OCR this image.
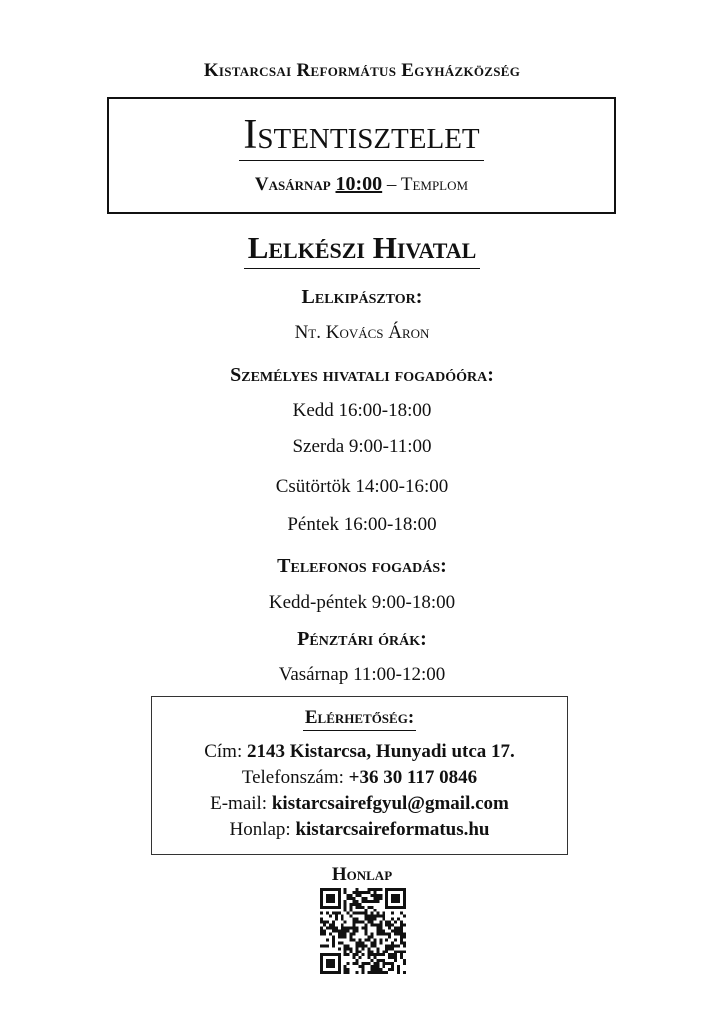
Kistarcsai Református Egyházközség
Istentisztelet
Vasárnap 10:00 – Templom
Lelkészi Hivatal
Lelkipásztor:
Nt. Kovács Áron
Személyes hivatali fogadóóra:
Kedd 16:00-18:00
Szerda 9:00-11:00
Csütörtök 14:00-16:00
Péntek 16:00-18:00
Telefonos fogadás:
Kedd-péntek 9:00-18:00
Pénztári órák:
Vasárnap 11:00-12:00
Elérhetőség:
Cím: 2143 Kistarcsa, Hunyadi utca 17.
Telefonszám: +36 30 117 0846
E-mail: kistarcsairefgyul@gmail.com
Honlap: kistarcsaireformatus.hu
Honlap
